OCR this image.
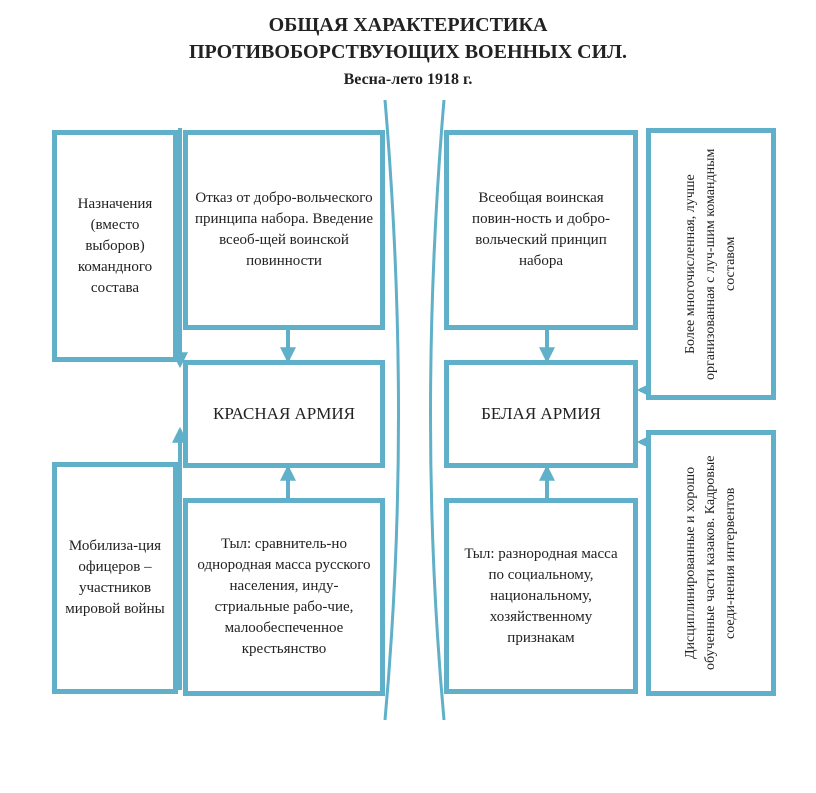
ОБЩАЯ ХАРАКТЕРИСТИКА
ПРОТИВОБОРСТВУЮЩИХ ВОЕННЫХ СИЛ.
Весна-лето 1918 г.
Назначения (вместо выборов) командного состава
Отказ от добро-вольческого принципа набора. Введение всеоб-щей воинской повинности
КРАСНАЯ АРМИЯ
Мобилиза-ция офицеров – участников мировой войны
Тыл: сравнитель-но однородная масса русского населения, инду-стриальные рабо-чие, малообеспеченное крестьянство
Всеобщая воинская повин-ность и добро-вольческий принцип набора
БЕЛАЯ АРМИЯ
Тыл: разнородная масса по социальному, национальному, хозяйственному признакам
Более многочисленная, лучше организованная с луч-шим командным составом
Дисциплинированные и хорошо обученные части казаков. Кадровые соеди-нения интервентов
